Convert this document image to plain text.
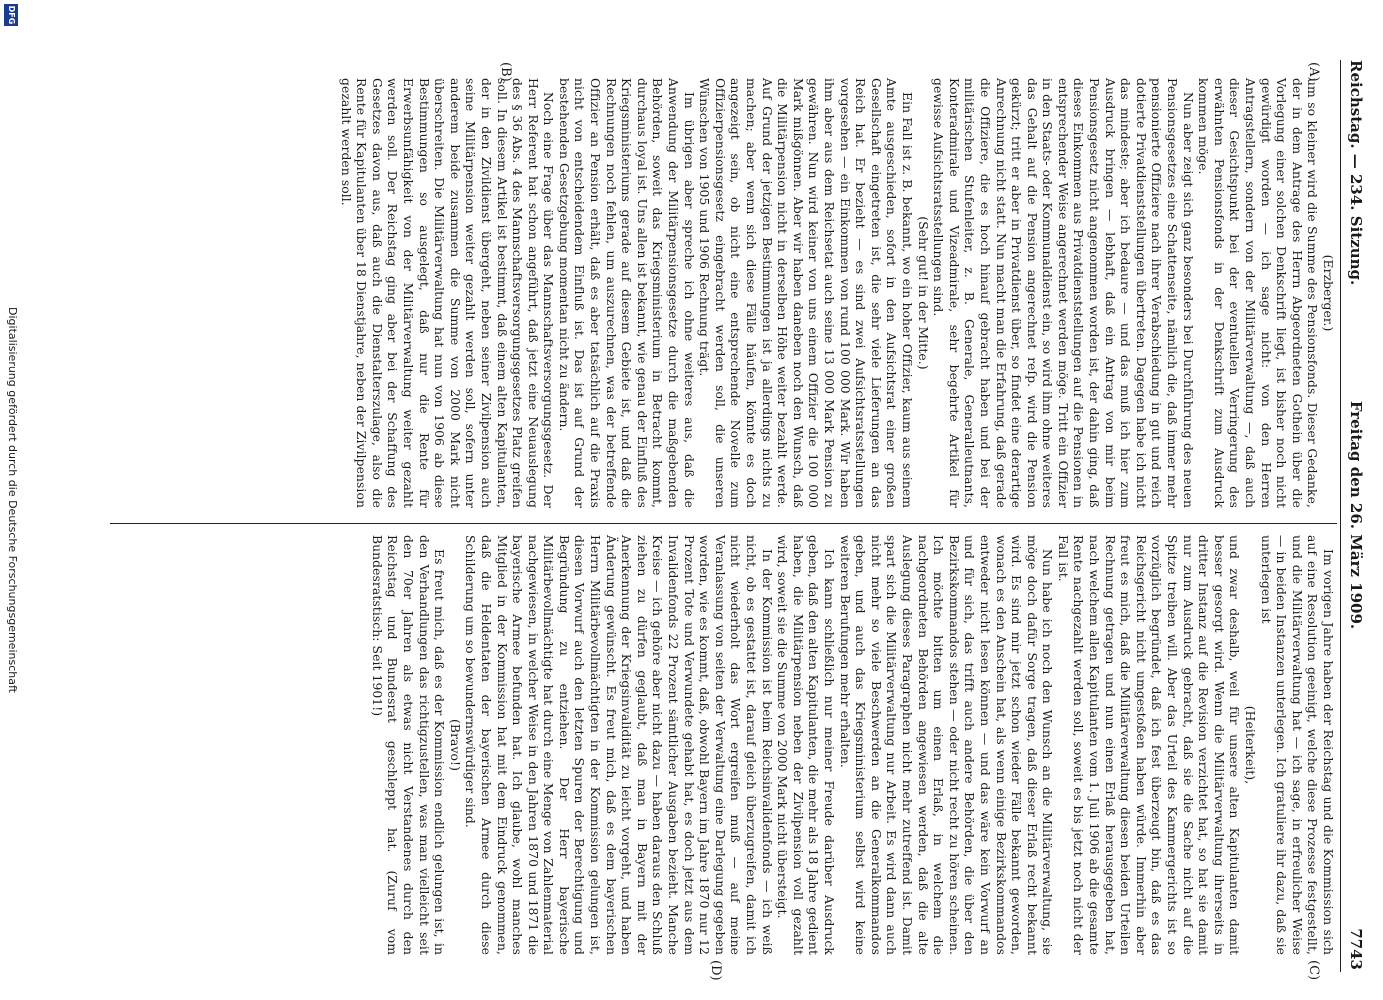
Reichstag. — 234. Sitzung.
Freitag den 26. März 1909.
7743
(A)
(B)
(C)
(D)

(Erzberger.)

um so kleiner wird die Summe des Pensionsfonds. Dieser Gedanke, der in dem Antrage des Herrn Abgeordneten Gothein über die Vorlegung einer solchen Denkschrift liegt, ist bisher noch nicht gewürdigt worden — ich sage nicht: von den Herren Antragstellern, sondern von der Militärverwaltung —, daß auch dieser Gesichtspunkt bei der eventuellen Verringerung des erwähnten Pensionsfonds in der Denkschrift zum Ausdruck kommen möge.

Nun aber zeigt sich ganz besonders bei Durchführung des neuen Pensionsgesetzes eine Schattenseite, nämlich die, daß immer mehr pensionierte Offiziere nach ihrer Verabschiedung in gut und reich dotierte Privatdienststellungen übertreten. Dagegen habe ich nicht das mindeste; aber ich bedaure — und das muß ich hier zum Ausdruck bringen — lebhaft, daß ein Antrag von mir beim Pensionsgesetz nicht angenommen worden ist, der dahin ging, daß dieses Einkommen aus Privatdienststellungen auf die Pensionen in entsprechender Weise angerechnet werden möge. Tritt ein Offizier in den Staats- oder Kommunaldienst ein, so wird ihm ohne weiteres das Gehalt auf die Pension angerechnet reſp. wird die Pension gekürzt; tritt er aber in Privatdienst über, so findet eine derartige Anrechnung nicht statt. Nun macht man die Erfahrung, daß gerade die Offiziere, die es hoch hinauf gebracht haben und bei der militärischen Stufenleiter, z. B. Generale, Generalleutnants, Konteradmirale und Vizeadmirale, sehr begehrte Artikel für gewisse Aufsichtsratsstellungen sind.

(Sehr gut! in der Mitte.)

Ein Fall ist z. B. bekannt, wo ein hoher Offizier, kaum aus seinem Amte ausgeschieden, sofort in den Aufsichtsrat einer großen Gesellschaft eingetreten ist, die sehr viele Lieferungen an das Reich hat. Er bezieht — es sind zwei Aufsichtsratsstellungen vorgesehen — ein Einkommen von rund 100 000 Mark. Wir haben ihm aber aus dem Reichsetat auch seine 13 000 Mark Pension zu gewähren. Nun wird keiner von uns einem Offizier die 100 000 Mark mißgönnen. Aber wir haben daneben noch den Wunsch, daß die Militärpension nicht in derselben Höhe weiter bezahlt werde. Auf Grund der jetzigen Bestimmungen ist ja allerdings nichts zu machen; aber wenn sich diese Fälle häufen, könnte es doch angezeigt sein, ob nicht eine entsprechende Novelle zum Offizierpensionsgesetz eingebracht werden soll, die unseren Wünschen von 1905 und 1906 Rechnung trägt.

Im übrigen aber spreche ich ohne weiteres aus, daß die Anwendung der Militärpensionsgesetze durch die maßgebenden Behörden, soweit das Kriegsministerium in Betracht kommt, durchaus loyal ist. Uns allen ist bekannt, wie genau der Einfluß des Kriegsministeriums gerade auf diesem Gebiete ist, und daß die Rechnungen noch fehlen, um auszurechnen, was der betreffende Offizier an Pension erhält, daß es aber tatsächlich auf die Praxis nicht von entscheidendem Einfluß ist. Das ist auf Grund der bestehenden Gesetzgebung momentan nicht zu ändern.

Noch eine Frage über das Mannschaftsversorgungsgesetz. Der Herr Referent hat schon angeführt, daß jetzt eine Neuauslegung des § 36 Abs. 4 des Mannschaftsversorgungsgesetzes Platz greifen soll. In diesem Artikel ist bestimmt, daß einem alten Kapitulanten, der in den Zivildienst übergeht, neben seiner Zivilpension auch seine Militärpension weiter gezahlt werden soll, sofern unter anderem beide zusammen die Summe von 2000 Mark nicht überschreiten. Die Militärverwaltung hat nun von 1906 ab diese Bestimmungen so ausgelegt, daß nur die Rente für Erwerbsunfähigkeit von der Militärverwaltung weiter gezahlt werden soll. Der Reichstag ging aber bei der Schaffung des Gesetzes davon aus, daß auch die Dienstalterszulage, also die Rente für Kapitulanten über 18 Dienstjahre, neben der Zivilpension gezahlt werden soll.

Im vorigen Jahre haben der Reichstag und die Kommission sich auf eine Resolution geeinigt, welche diese Prozesse festgestellt, und die Militärverwaltung hat — ich sage, in erfreulicher Weise — in beiden Instanzen unterlegen. Ich gratuliere ihr dazu, daß sie unterlegen ist

(Heiterkeit),

und zwar deshalb, weil für unsere alten Kapitulanten damit besser gesorgt wird. Wenn die Militärverwaltung ihrerseits in dritter Instanz auf die Revision verzichtet hat, so hat sie damit nur zum Ausdruck gebracht, daß sie die Sache nicht auf die Spitze treiben will. Aber das Urteil des Kammergerichts ist so vorzüglich begründet, daß ich fest überzeugt bin, daß es das Reichsgericht nicht umgestoßen haben würde. Immerhin aber freut es mich, daß die Militärverwaltung diesen beiden Urteilen Rechnung getragen und nun einen Erlaß herausgegeben hat, nach welchem allen Kapitulanten vom 1. Juli 1906 ab die gesamte Rente nachgezahlt werden soll, soweit es bis jetzt noch nicht der Fall ist.

Nun habe ich noch den Wunsch an die Militärverwaltung, sie möge doch dafür Sorge tragen, daß dieser Erlaß recht bekannt wird. Es sind mir jetzt schon wieder Fälle bekannt geworden, wonach es den Anschein hat, als wenn einige Bezirkskommandos entweder nicht lesen können — und das wäre kein Vorwurf an und für sich, das trifft auch andere Behörden, die über den Bezirkskommandos stehen — oder nicht recht zu hören scheinen. Ich möchte bitten um einen Erlaß, in welchem die nachgeordneten Behörden angewiesen werden, daß die alte Auslegung dieses Paragraphen nicht mehr zutreffend ist. Damit spart sich die Militärverwaltung nur Arbeit. Es wird dann auch nicht mehr so viele Beschwerden an die Generalkommandos geben, und auch das Kriegsministerium selbst wird keine weiteren Berufungen mehr erhalten.

Ich kann schließlich nur meiner Freude darüber Ausdruck geben, daß den alten Kapitulanten, die mehr als 18 Jahre gedient haben, die Militärpension neben der Zivilpension voll gezahlt wird, soweit sie die Summe von 2000 Mark nicht übersteigt.

In der Kommission ist beim Reichsinvalidenfonds — ich weiß nicht, ob es gestattet ist, darauf gleich überzugreifen, damit ich nicht wiederholt das Wort ergreifen muß — auf meine Veranlassung von seiten der Verwaltung eine Darlegung gegeben worden, wie es kommt, daß, obwohl Bayern im Jahre 1870 nur 12 Prozent Tote und Verwundete gehabt hat, es doch jetzt aus dem Invalidenfonds 22 Prozent sämtlicher Ausgaben bezieht. Manche Kreise — ich gehöre aber nicht dazu — haben daraus den Schluß ziehen zu dürfen geglaubt, daß man in Bayern mit der Anerkennung der Kriegsinvalidität zu leicht vorgeht, und haben Änderung gewünscht. Es freut mich, daß es dem bayerischen Herrn Militärbevollmächtigten in der Kommission gelungen ist, diesen Vorwurf auch den letzten Spuren der Berechtigung und Begründung zu entziehen. Der Herr bayerische Militärbevollmächtigte hat durch eine Menge von Zahlenmaterial nachgewiesen, in welcher Weise in den Jahren 1870 und 1871 die bayerische Armee befunden hat. Ich glaube, wohl manches Mitglied in der Kommission hat mit dem Eindruck genommen, daß die Heldentaten der bayerischen Armee durch diese Schilderung um so bewundernswürdiger sind.

(Bravo!)

Es freut mich, daß es der Kommission endlich gelungen ist, in den Verhandlungen das richtigzustellen, was man vielleicht seit den 70er Jahren als etwas nicht Verstandenes durch den Reichstag und Bundesrat geschleppt hat. (Zuruf vom Bundesratstisch: Seit 1901!)

Digitalisierung gefördert durch die Deutsche Forschungsgemeinschaft
DFG
